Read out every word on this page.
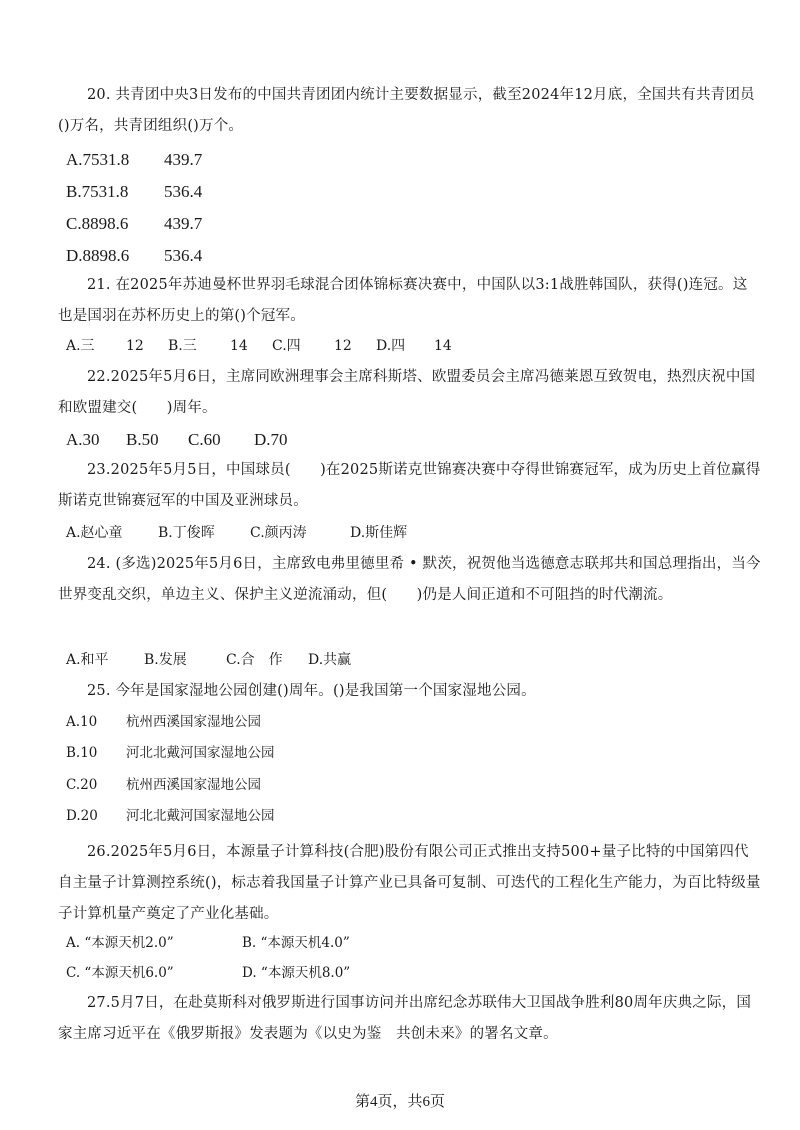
20. 共青团中央3日发布的中国共青团团内统计主要数据显示，截至2024年12月底，全国共有共青团员()万名，共青团组织()万个。

A.7531.8 439.7
B.7531.8 536.4
C.8898.6 439.7
D.8898.6 536.4

21. 在2025年苏迪曼杯世界羽毛球混合团体锦标赛决赛中，中国队以3:1战胜韩国队，获得()连冠。这也是国羽在苏杯历史上的第()个冠军。

A.三 12 B.三 14 C.四 12 D.四 14

22.2025年5月6日，主席同欧洲理事会主席科斯塔、欧盟委员会主席冯德莱恩互致贺电，热烈庆祝中国和欧盟建交(　　)周年。

A.30 B.50 C.60 D.70

23.2025年5月5日，中国球员(　　)在2025斯诺克世锦赛决赛中夺得世锦赛冠军，成为历史上首位赢得斯诺克世锦赛冠军的中国及亚洲球员。

A.赵心童	B.丁俊晖	C.颜丙涛	D.斯佳辉

24. (多选)2025年5月6日，主席致电弗里德里希 • 默茨，祝贺他当选德意志联邦共和国总理指出，当今世界变乱交织，单边主义、保护主义逆流涌动，但(　　)仍是人间正道和不可阻挡的时代潮流。

A.和平	B.发展	C.合　作 D.共赢

25. 今年是国家湿地公园创建()周年。()是我国第一个国家湿地公园。

A.10 杭州西溪国家湿地公园
B.10 河北北戴河国家湿地公园
C.20 杭州西溪国家湿地公园
D.20 河北北戴河国家湿地公园

26.2025年5月6日，本源量子计算科技(合肥)股份有限公司正式推出支持500+量子比特的中国第四代自主量子计算测控系统()，标志着我国量子计算产业已具备可复制、可迭代的工程化生产能力，为百比特级量子计算机量产奠定了产业化基础。

A. “本源天机2.0”	B. “本源天机4.0”
C. “本源天机6.0”	D. “本源天机8.0”

27.5月7日，在赴莫斯科对俄罗斯进行国事访问并出席纪念苏联伟大卫国战争胜利80周年庆典之际，国家主席习近平在《俄罗斯报》发表题为《以史为鉴　共创未来》的署名文章。

第4页，共6页
